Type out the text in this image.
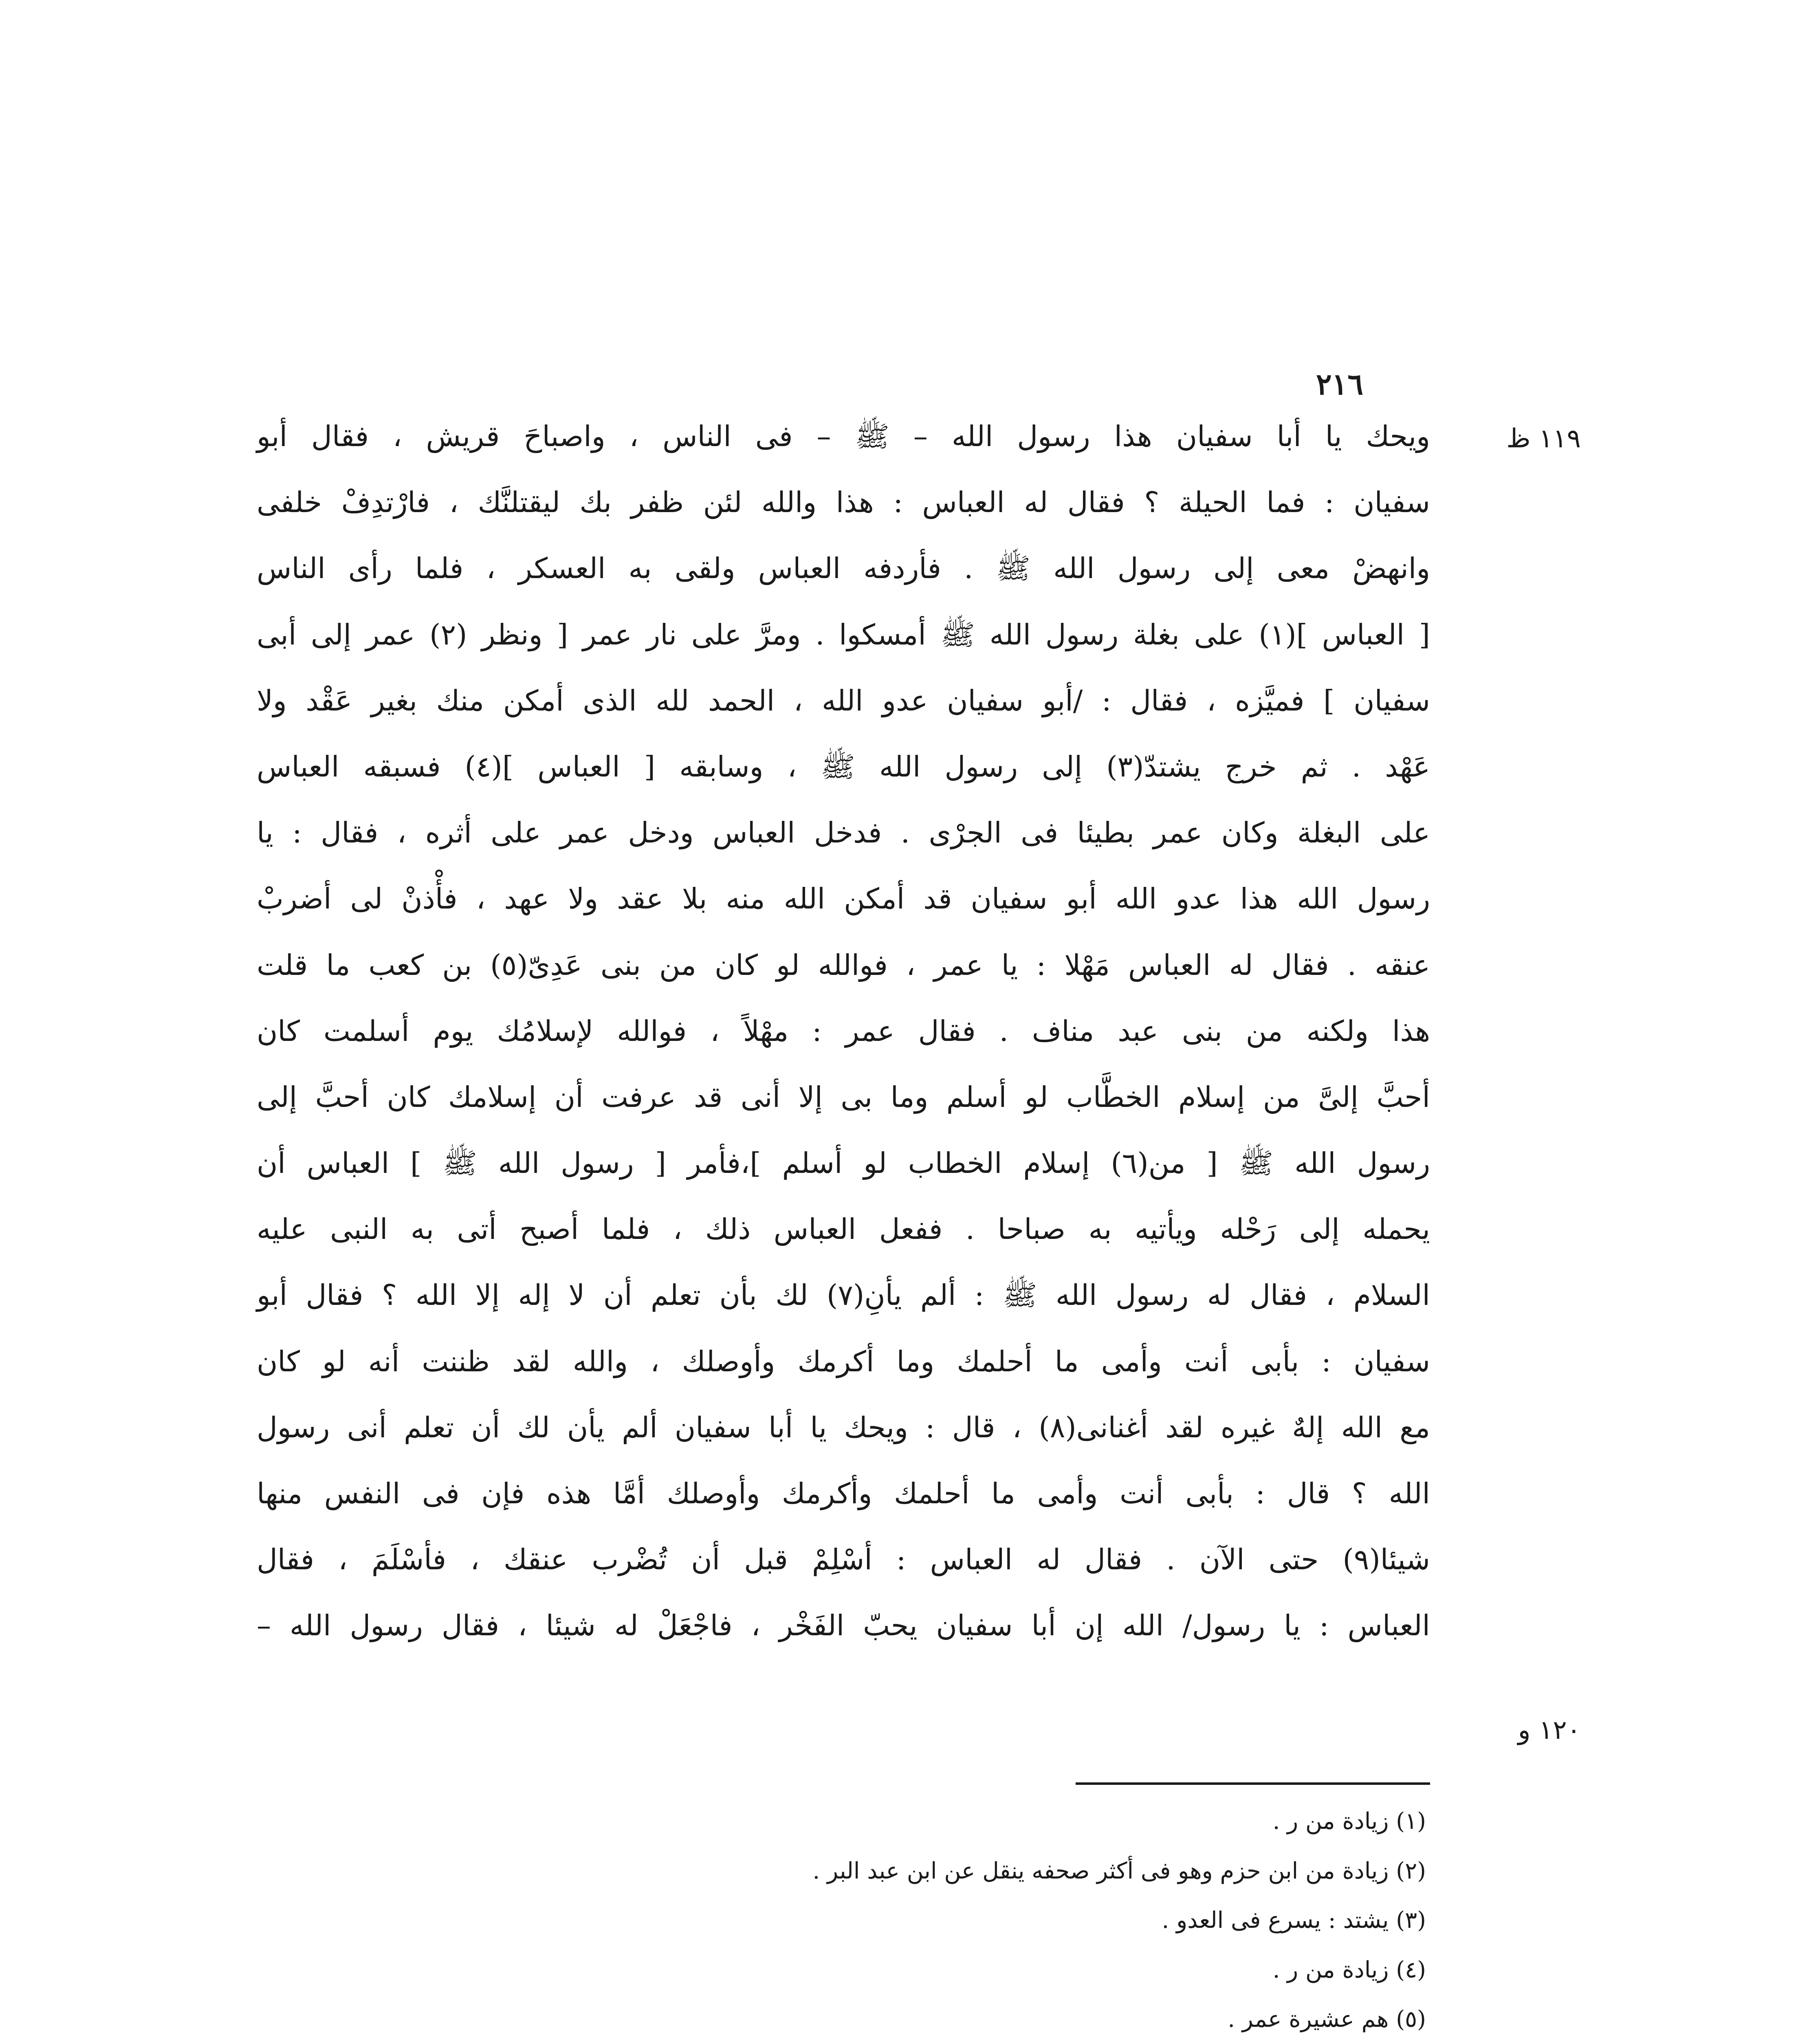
٢١٦
١١٩ ظ
١٢٠ و
ويحك يا أبا سفيان هذا رسول الله – ﷺ – فى الناس ، واصباحَ قريش ، فقال أبو
سفيان : فما الحيلة ؟ فقال له العباس : هذا والله لئن ظفر بك ليقتلنَّك ، فارْتدِفْ خلفى
وانهضْ معى إلى رسول الله ﷺ . فأردفه العباس ولقى به العسكر ، فلما رأى الناس
[ العباس ](١) على بغلة رسول الله ﷺ أمسكوا . ومرَّ على نار عمر [ ونظر (٢) عمر إلى أبى
سفيان ] فميَّزه ، فقال : /أبو سفيان عدو الله ، الحمد لله الذى أمكن منك بغير عَقْد ولا
عَهْد . ثم خرج يشتدّ(٣) إلى رسول الله ﷺ ، وسابقه [ العباس ](٤) فسبقه العباس
على البغلة وكان عمر بطيئا فى الجرْى . فدخل العباس ودخل عمر على أثره ، فقال : يا
رسول الله هذا عدو الله أبو سفيان قد أمكن الله منه بلا عقد ولا عهد ، فأْذنْ لى أضربْ
عنقه . فقال له العباس مَهْلا : يا عمر ، فوالله لو كان من بنى عَدِىّ(٥) بن كعب ما قلت
هذا ولكنه من بنى عبد مناف . فقال عمر : مهْلاً ، فوالله لإسلامُك يوم أسلمت كان
أحبَّ إلىَّ من إسلام الخطَّاب لو أسلم وما بى إلا أنى قد عرفت أن إسلامك كان أحبَّ إلى
رسول الله ﷺ [ من(٦) إسلام الخطاب لو أسلم ]،فأمر [ رسول الله ﷺ ] العباس أن
يحمله إلى رَحْله ويأتيه به صباحا . ففعل العباس ذلك ، فلما أصبح أتى به النبى عليه
السلام ، فقال له رسول الله ﷺ : ألم يأنِ(٧) لك بأن تعلم أن لا إله إلا الله ؟ فقال أبو
سفيان : بأبى أنت وأمى ما أحلمك وما أكرمك وأوصلك ، والله لقد ظننت أنه لو كان
مع الله إلهٌ غيره لقد أغنانى(٨) ، قال : ويحك يا أبا سفيان ألم يأن لك أن تعلم أنى رسول
الله ؟ قال : بأبى أنت وأمى ما أحلمك وأكرمك وأوصلك أمَّا هذه فإن فى النفس منها
شيئا(٩) حتى الآن . فقال له العباس : أسْلِمْ قبل أن تُضْرب عنقك ، فأسْلَمَ ، فقال
العباس : يا رسول/ الله إن أبا سفيان يحبّ الفَخْر ، فاجْعَلْ له شيئا ، فقال رسول الله –
(١) زيادة من ر .
(٢) زيادة من ابن حزم وهو فى أكثر صحفه ينقل عن ابن عبد البر .
(٣) يشتد : يسرع فى العدو .
(٤) زيادة من ر .
(٥) هم عشيرة عمر .
